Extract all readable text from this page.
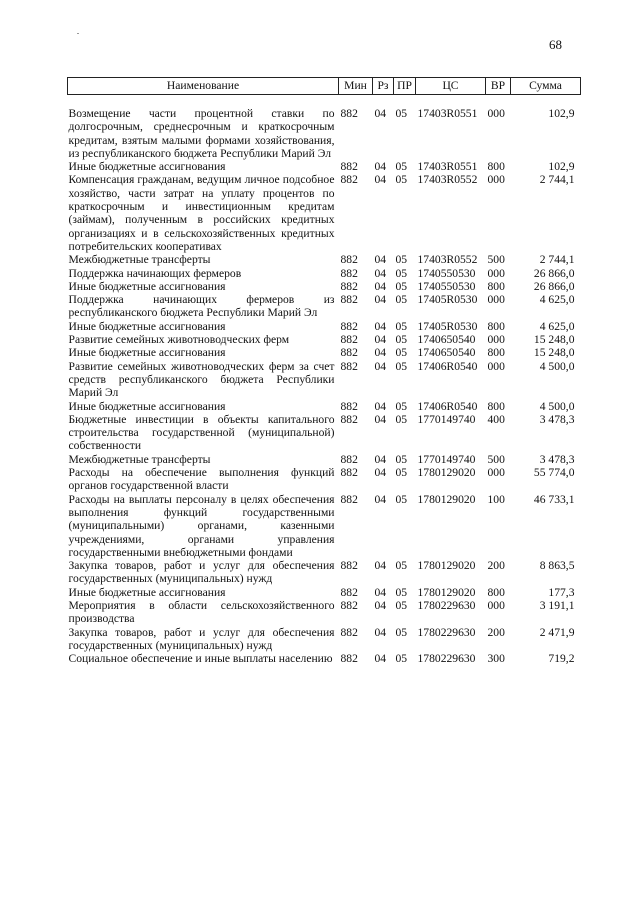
68
Наименование	Мин	Рз	ПР	ЦС	ВР	Сумма

Возмещение части процентной ставки по долгосрочным, среднесрочным и краткосрочным кредитам, взятым малыми формами хозяйствования, из республиканского бюджета Республики Марий Эл	882	04	05	17403R0551	000	102,9
Иные бюджетные ассигнования	882	04	05	17403R0551	800	102,9
Компенсация гражданам, ведущим личное подсобное хозяйство, части затрат на уплату процентов по краткосрочным и инвестиционным кредитам (займам), полученным в российских кредитных организациях и в сельскохозяйственных кредитных потребительских кооперативах	882	04	05	17403R0552	000	2 744,1
Межбюджетные трансферты	882	04	05	17403R0552	500	2 744,1
Поддержка начинающих фермеров	882	04	05	1740550530	000	26 866,0
Иные бюджетные ассигнования	882	04	05	1740550530	800	26 866,0
Поддержка начинающих фермеров из республиканского бюджета Республики Марий Эл	882	04	05	17405R0530	000	4 625,0
Иные бюджетные ассигнования	882	04	05	17405R0530	800	4 625,0
Развитие семейных животноводческих ферм	882	04	05	1740650540	000	15 248,0
Иные бюджетные ассигнования	882	04	05	1740650540	800	15 248,0
Развитие семейных животноводческих ферм за счет средств республиканского бюджета Республики Марий Эл	882	04	05	17406R0540	000	4 500,0
Иные бюджетные ассигнования	882	04	05	17406R0540	800	4 500,0
Бюджетные инвестиции в объекты капитального строительства государственной (муниципальной) собственности	882	04	05	1770149740	400	3 478,3
Межбюджетные трансферты	882	04	05	1770149740	500	3 478,3
Расходы на обеспечение выполнения функций органов государственной власти	882	04	05	1780129020	000	55 774,0
Расходы на выплаты персоналу в целях обеспечения выполнения функций государственными (муниципальными) органами, казенными учреждениями, органами управления государственными внебюджетными фондами	882	04	05	1780129020	100	46 733,1
Закупка товаров, работ и услуг для обеспечения государственных (муниципальных) нужд	882	04	05	1780129020	200	8 863,5
Иные бюджетные ассигнования	882	04	05	1780129020	800	177,3
Мероприятия в области сельскохозяйственного производства	882	04	05	1780229630	000	3 191,1
Закупка товаров, работ и услуг для обеспечения государственных (муниципальных) нужд	882	04	05	1780229630	200	2 471,9
Социальное обеспечение и иные выплаты населению	882	04	05	1780229630	300	719,2
